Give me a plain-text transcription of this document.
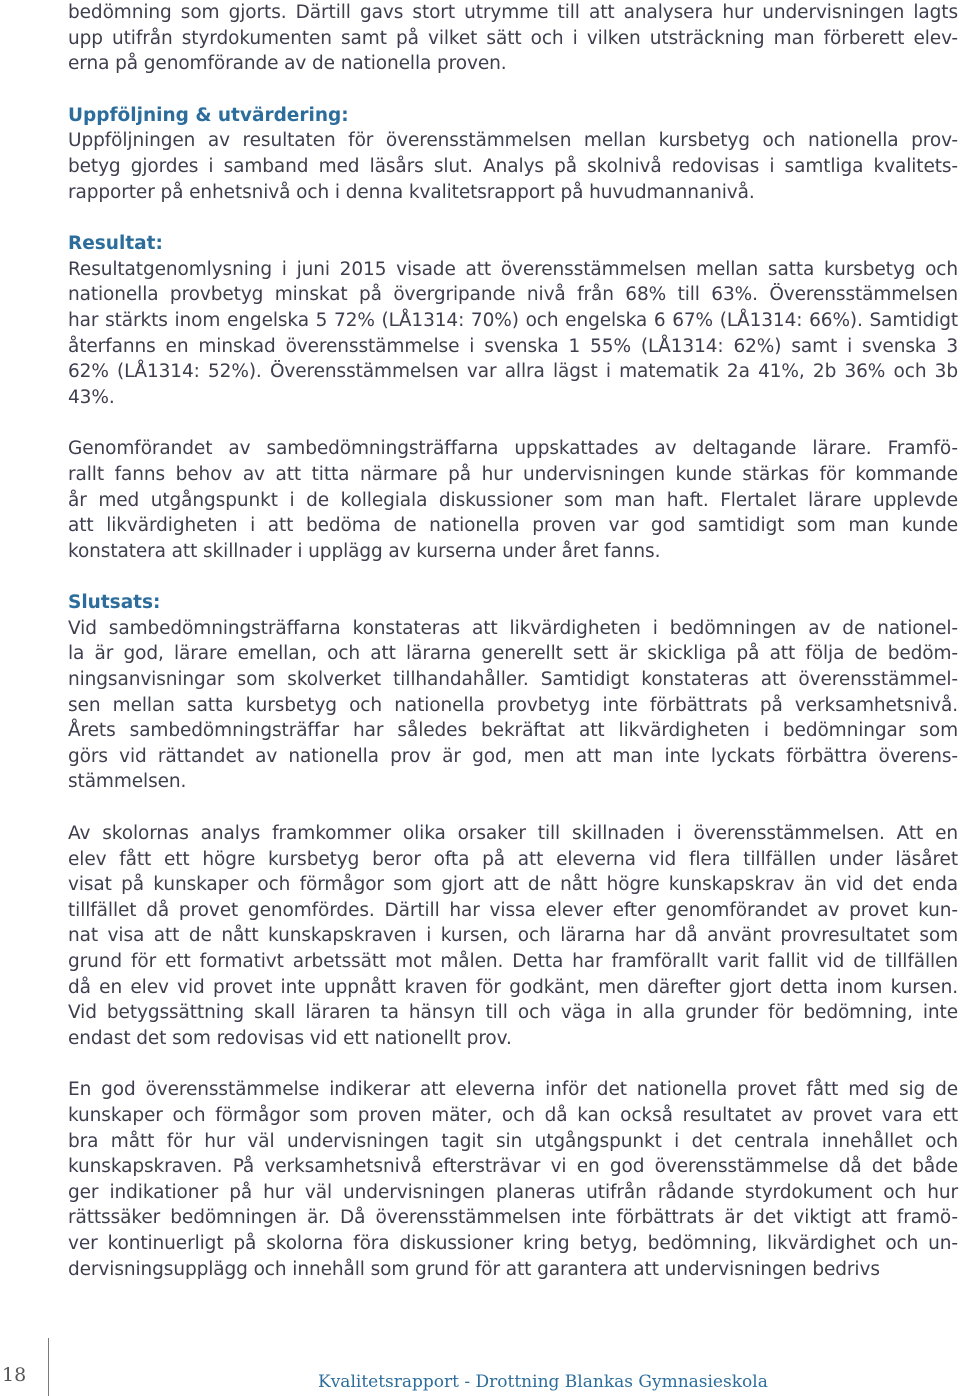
bedömning som gjorts. Därtill gavs stort utrymme till att analysera hur undervisningen lagts
upp utifrån styrdokumenten samt på vilket sätt och i vilken utsträckning man förberett elev-
erna på genomförande av de nationella proven.
Uppföljning & utvärdering:
Uppföljningen av resultaten för överensstämmelsen mellan kursbetyg och nationella prov-
betyg gjordes i samband med läsårs slut. Analys på skolnivå redovisas i samtliga kvalitets-
rapporter på enhetsnivå och i denna kvalitetsrapport på huvudmannanivå.
Resultat:
Resultatgenomlysning i juni 2015 visade att överensstämmelsen mellan satta kursbetyg och
nationella provbetyg minskat på övergripande nivå från 68% till 63%. Överensstämmelsen
har stärkts inom engelska 5 72% (LÅ1314: 70%) och engelska 6 67% (LÅ1314: 66%). Samtidigt
återfanns en minskad överensstämmelse i svenska 1 55% (LÅ1314: 62%) samt i svenska 3
62% (LÅ1314: 52%). Överensstämmelsen var allra lägst i matematik 2a 41%, 2b 36% och 3b
43%.
Genomförandet av sambedömningsträffarna uppskattades av deltagande lärare. Framfö-
rallt fanns behov av att titta närmare på hur undervisningen kunde stärkas för kommande
år med utgångspunkt i de kollegiala diskussioner som man haft. Flertalet lärare upplevde
att likvärdigheten i att bedöma de nationella proven var god samtidigt som man kunde
konstatera att skillnader i upplägg av kurserna under året fanns.
Slutsats:
Vid sambedömningsträffarna konstateras att likvärdigheten i bedömningen av de nationel-
la är god, lärare emellan, och att lärarna generellt sett är skickliga på att följa de bedöm-
ningsanvisningar som skolverket tillhandahåller. Samtidigt konstateras att överensstämmel-
sen mellan satta kursbetyg och nationella provbetyg inte förbättrats på verksamhetsnivå.
Årets sambedömningsträffar har således bekräftat att likvärdigheten i bedömningar som
görs vid rättandet av nationella prov är god, men att man inte lyckats förbättra överens-
stämmelsen.
Av skolornas analys framkommer olika orsaker till skillnaden i överensstämmelsen. Att en
elev fått ett högre kursbetyg beror ofta på att eleverna vid flera tillfällen under läsåret
visat på kunskaper och förmågor som gjort att de nått högre kunskapskrav än vid det enda
tillfället då provet genomfördes. Därtill har vissa elever efter genomförandet av provet kun-
nat visa att de nått kunskapskraven i kursen, och lärarna har då använt provresultatet som
grund för ett formativt arbetssätt mot målen. Detta har framförallt varit fallit vid de tillfällen
då en elev vid provet inte uppnått kraven för godkänt, men därefter gjort detta inom kursen.
Vid betygssättning skall läraren ta hänsyn till och väga in alla grunder för bedömning, inte
endast det som redovisas vid ett nationellt prov.
En god överensstämmelse indikerar att eleverna inför det nationella provet fått med sig de
kunskaper och förmågor som proven mäter, och då kan också resultatet av provet vara ett
bra mått för hur väl undervisningen tagit sin utgångspunkt i det centrala innehållet och
kunskapskraven. På verksamhetsnivå eftersträvar vi en god överensstämmelse då det både
ger indikationer på hur väl undervisningen planeras utifrån rådande styrdokument och hur
rättssäker bedömningen är. Då överensstämmelsen inte förbättrats är det viktigt att framö-
ver kontinuerligt på skolorna föra diskussioner kring betyg, bedömning, likvärdighet och un-
dervisningsupplägg och innehåll som grund för att garantera att undervisningen bedrivs
18	Kvalitetsrapport - Drottning Blankas Gymnasieskola
